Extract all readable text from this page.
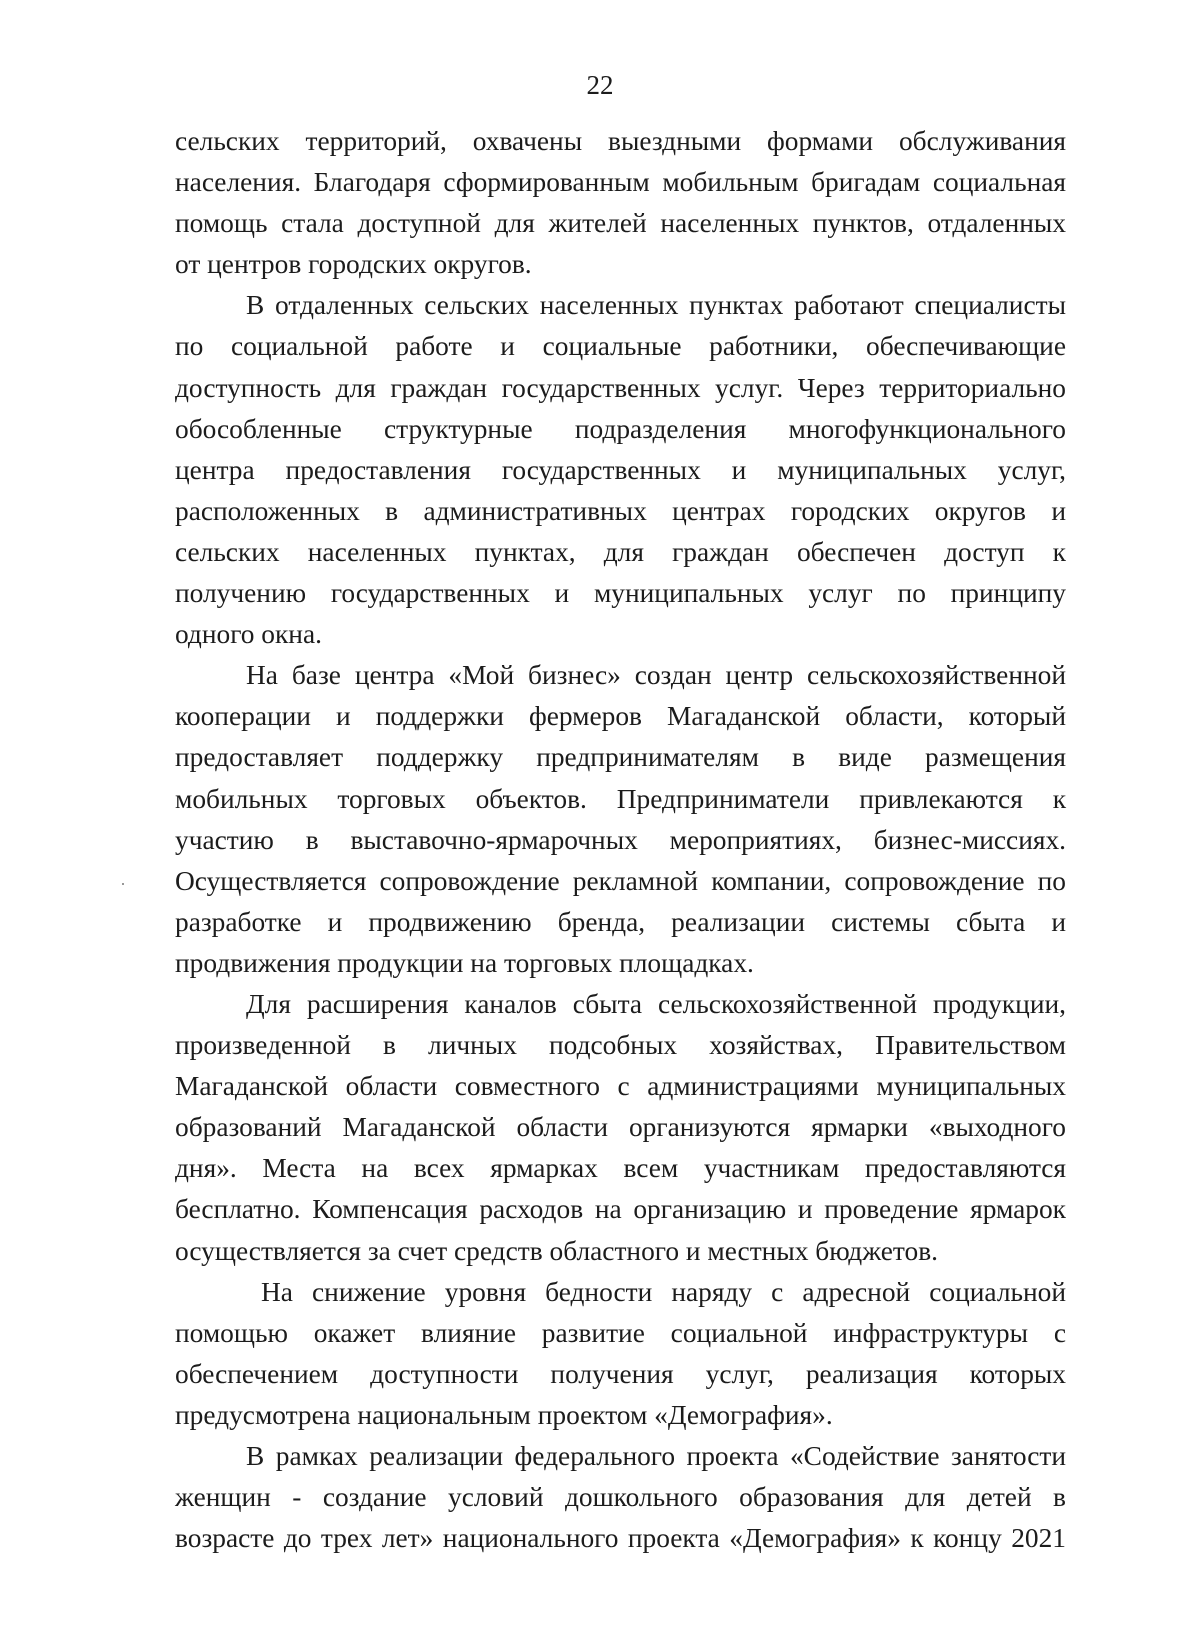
22
сельских территорий, охвачены выездными формами обслуживания
населения. Благодаря сформированным мобильным бригадам социальная
помощь стала доступной для жителей населенных пунктов, отдаленных
от центров городских округов.
В отдаленных сельских населенных пунктах работают специалисты
по социальной работе и социальные работники, обеспечивающие
доступность для граждан государственных услуг. Через территориально
обособленные структурные подразделения многофункционального
центра предоставления государственных и муниципальных услуг,
расположенных в административных центрах городских округов и
сельских населенных пунктах, для граждан обеспечен доступ к
получению государственных и муниципальных услуг по принципу
одного окна.
На базе центра «Мой бизнес» создан центр сельскохозяйственной
кооперации и поддержки фермеров Магаданской области, который
предоставляет поддержку предпринимателям в виде размещения
мобильных торговых объектов. Предприниматели привлекаются к
участию в выставочно-ярмарочных мероприятиях, бизнес-миссиях.
Осуществляется сопровождение рекламной компании, сопровождение по
разработке и продвижению бренда, реализации системы сбыта и
продвижения продукции на торговых площадках.
Для расширения каналов сбыта сельскохозяйственной продукции,
произведенной в личных подсобных хозяйствах, Правительством
Магаданской области совместного с администрациями муниципальных
образований Магаданской области организуются ярмарки «выходного
дня». Места на всех ярмарках всем участникам предоставляются
бесплатно. Компенсация расходов на организацию и проведение ярмарок
осуществляется за счет средств областного и местных бюджетов.
На снижение уровня бедности наряду с адресной социальной
помощью окажет влияние развитие социальной инфраструктуры с
обеспечением доступности получения услуг, реализация которых
предусмотрена национальным проектом «Демография».
В рамках реализации федерального проекта «Содействие занятости
женщин - создание условий дошкольного образования для детей в
возрасте до трех лет» национального проекта «Демография» к концу 2021
